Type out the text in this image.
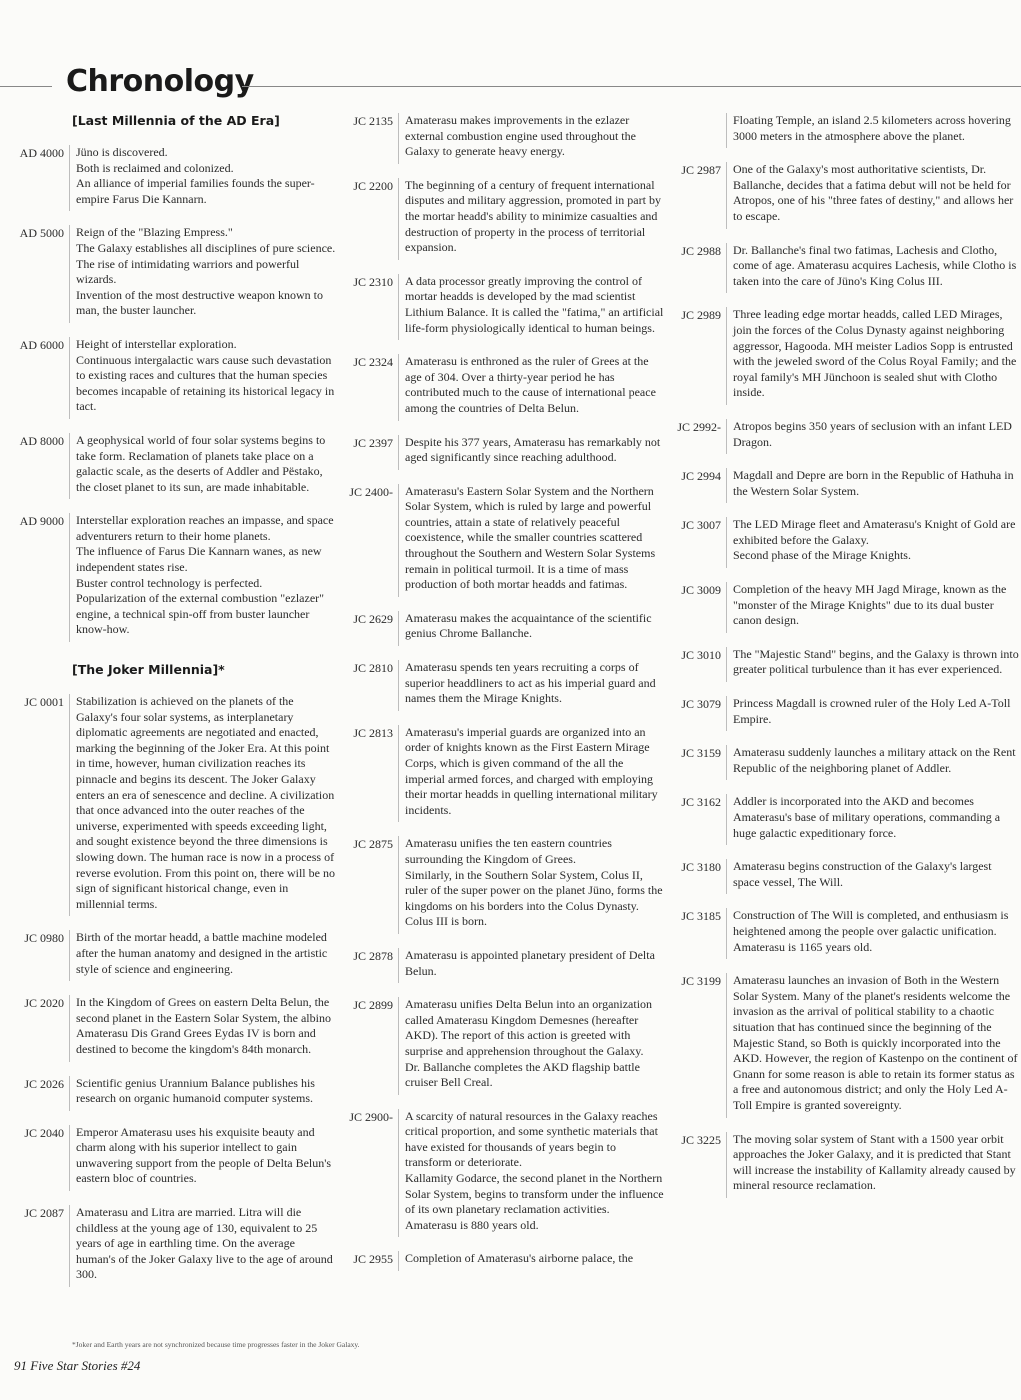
Chronology
[Last Millennia of the AD Era]
AD 4000	Jüno is discovered.

Both is reclaimed and colonized.

An alliance of imperial families founds the super-empire Farus Die Kannarn.

AD 5000	Reign of the "Blazing Empress."

The Galaxy establishes all disciplines of pure science.

The rise of intimidating warriors and powerful wizards.

Invention of the most destructive weapon known to man, the buster launcher.

AD 6000	Height of interstellar exploration.

Continuous intergalactic wars cause such devastation to existing races and cultures that the human species becomes incapable of retaining its historical legacy in tact.

AD 8000	A geophysical world of four solar systems begins to take form. Reclamation of planets take place on a galactic scale, as the deserts of Addler and Pëstako, the closet planet to its sun, are made inhabitable.

AD 9000	Interstellar exploration reaches an impasse, and space adventurers return to their home planets.

The influence of Farus Die Kannarn wanes, as new independent states rise.

Buster control technology is perfected.

Popularization of the external combustion "ezlazer" engine, a technical spin-off from buster launcher know-how.

[The Joker Millennia]*
JC 0001	Stabilization is achieved on the planets of the Galaxy's four solar systems, as interplanetary diplomatic agreements are negotiated and enacted, marking the beginning of the Joker Era. At this point in time, however, human civilization reaches its pinnacle and begins its descent. The Joker Galaxy enters an era of senescence and decline. A civilization that once advanced into the outer reaches of the universe, experimented with speeds exceeding light, and sought existence beyond the three dimensions is slowing down. The human race is now in a process of reverse evolution. From this point on, there will be no sign of significant historical change, even in millennial terms.

JC 0980	Birth of the mortar headd, a battle machine modeled after the human anatomy and designed in the artistic style of science and engineering.

JC 2020	In the Kingdom of Grees on eastern Delta Belun, the second planet in the Eastern Solar System, the albino Amaterasu Dis Grand Grees Eydas IV is born and destined to become the kingdom's 84th monarch.

JC 2026	Scientific genius Urannium Balance publishes his research on organic humanoid computer systems.

JC 2040	Emperor Amaterasu uses his exquisite beauty and charm along with his superior intellect to gain unwavering support from the people of Delta Belun's eastern bloc of countries.

JC 2087	Amaterasu and Litra are married. Litra will die childless at the young age of 130, equivalent to 25 years of age in earthling time. On the average human's of the Joker Galaxy live to the age of around 300.

JC 2135	Amaterasu makes improvements in the ezlazer external combustion engine used throughout the Galaxy to generate heavy energy.

JC 2200	The beginning of a century of frequent international disputes and military aggression, promoted in part by the mortar headd's ability to minimize casualties and destruction of property in the process of territorial expansion.

JC 2310	A data processor greatly improving the control of mortar headds is developed by the mad scientist Lithium Balance. It is called the "fatima," an artificial life-form physiologically identical to human beings.

JC 2324	Amaterasu is enthroned as the ruler of Grees at the age of 304. Over a thirty-year period he has contributed much to the cause of international peace among the countries of Delta Belun.

JC 2397	Despite his 377 years, Amaterasu has remarkably not aged significantly since reaching adulthood.

JC 2400-	Amaterasu's Eastern Solar System and the Northern Solar System, which is ruled by large and powerful countries, attain a state of relatively peaceful coexistence, while the smaller countries scattered throughout the Southern and Western Solar Systems remain in political turmoil. It is a time of mass production of both mortar headds and fatimas.

JC 2629	Amaterasu makes the acquaintance of the scientific genius Chrome Ballanche.

JC 2810	Amaterasu spends ten years recruiting a corps of superior headdliners to act as his imperial guard and names them the Mirage Knights.

JC 2813	Amaterasu's imperial guards are organized into an order of knights known as the First Eastern Mirage Corps, which is given command of the all the imperial armed forces, and charged with employing their mortar headds in quelling international military incidents.

JC 2875	Amaterasu unifies the ten eastern countries surrounding the Kingdom of Grees.

Similarly, in the Southern Solar System, Colus II, ruler of the super power on the planet Jüno, forms the kingdoms on his borders into the Colus Dynasty.

Colus III is born.

JC 2878	Amaterasu is appointed planetary president of Delta Belun.

JC 2899	Amaterasu unifies Delta Belun into an organization called Amaterasu Kingdom Demesnes (hereafter AKD). The report of this action is greeted with surprise and apprehension throughout the Galaxy.

Dr. Ballanche completes the AKD flagship battle cruiser Bell Creal.

JC 2900-	A scarcity of natural resources in the Galaxy reaches critical proportion, and some synthetic materials that have existed for thousands of years begin to transform or deteriorate.

Kallamity Godarce, the second planet in the Northern Solar System, begins to transform under the influence of its own planetary reclamation activities.

Amaterasu is 880 years old.

JC 2955	Completion of Amaterasu's airborne palace, the

Floating Temple, an island 2.5 kilometers across hovering 3000 meters in the atmosphere above the planet.

JC 2987	One of the Galaxy's most authoritative scientists, Dr. Ballanche, decides that a fatima debut will not be held for Atropos, one of his "three fates of destiny," and allows her to escape.

JC 2988	Dr. Ballanche's final two fatimas, Lachesis and Clotho, come of age. Amaterasu acquires Lachesis, while Clotho is taken into the care of Jüno's King Colus III.

JC 2989	Three leading edge mortar headds, called LED Mirages, join the forces of the Colus Dynasty against neighboring aggressor, Hagooda. MH meister Ladios Sopp is entrusted with the jeweled sword of the Colus Royal Family; and the royal family's MH Jünchoon is sealed shut with Clotho inside.

JC 2992-	Atropos begins 350 years of seclusion with an infant LED Dragon.

JC 2994	Magdall and Depre are born in the Republic of Hathuha in the Western Solar System.

JC 3007	The LED Mirage fleet and Amaterasu's Knight of Gold are exhibited before the Galaxy.

Second phase of the Mirage Knights.

JC 3009	Completion of the heavy MH Jagd Mirage, known as the "monster of the Mirage Knights" due to its dual buster canon design.

JC 3010	The "Majestic Stand" begins, and the Galaxy is thrown into greater political turbulence than it has ever experienced.

JC 3079	Princess Magdall is crowned ruler of the Holy Led A-Toll Empire.

JC 3159	Amaterasu suddenly launches a military attack on the Rent Republic of the neighboring planet of Addler.

JC 3162	Addler is incorporated into the AKD and becomes Amaterasu's base of military operations, commanding a huge galactic expeditionary force.

JC 3180	Amaterasu begins construction of the Galaxy's largest space vessel, The Will.

JC 3185	Construction of The Will is completed, and enthusiasm is heightened among the people over galactic unification.

Amaterasu is 1165 years old.

JC 3199	Amaterasu launches an invasion of Both in the Western Solar System. Many of the planet's residents welcome the invasion as the arrival of political stability to a chaotic situation that has continued since the beginning of the Majestic Stand, so Both is quickly incorporated into the AKD. However, the region of Kastenpo on the continent of Gnann for some reason is able to retain its former status as a free and autonomous district; and only the Holy Led A-Toll Empire is granted sovereignty.

JC 3225	The moving solar system of Stant with a 1500 year orbit approaches the Joker Galaxy, and it is predicted that Stant will increase the instability of Kallamity already caused by mineral resource reclamation.

*Joker and Earth years are not synchronized because time progresses faster in the Joker Galaxy.
91 Five Star Stories #24
